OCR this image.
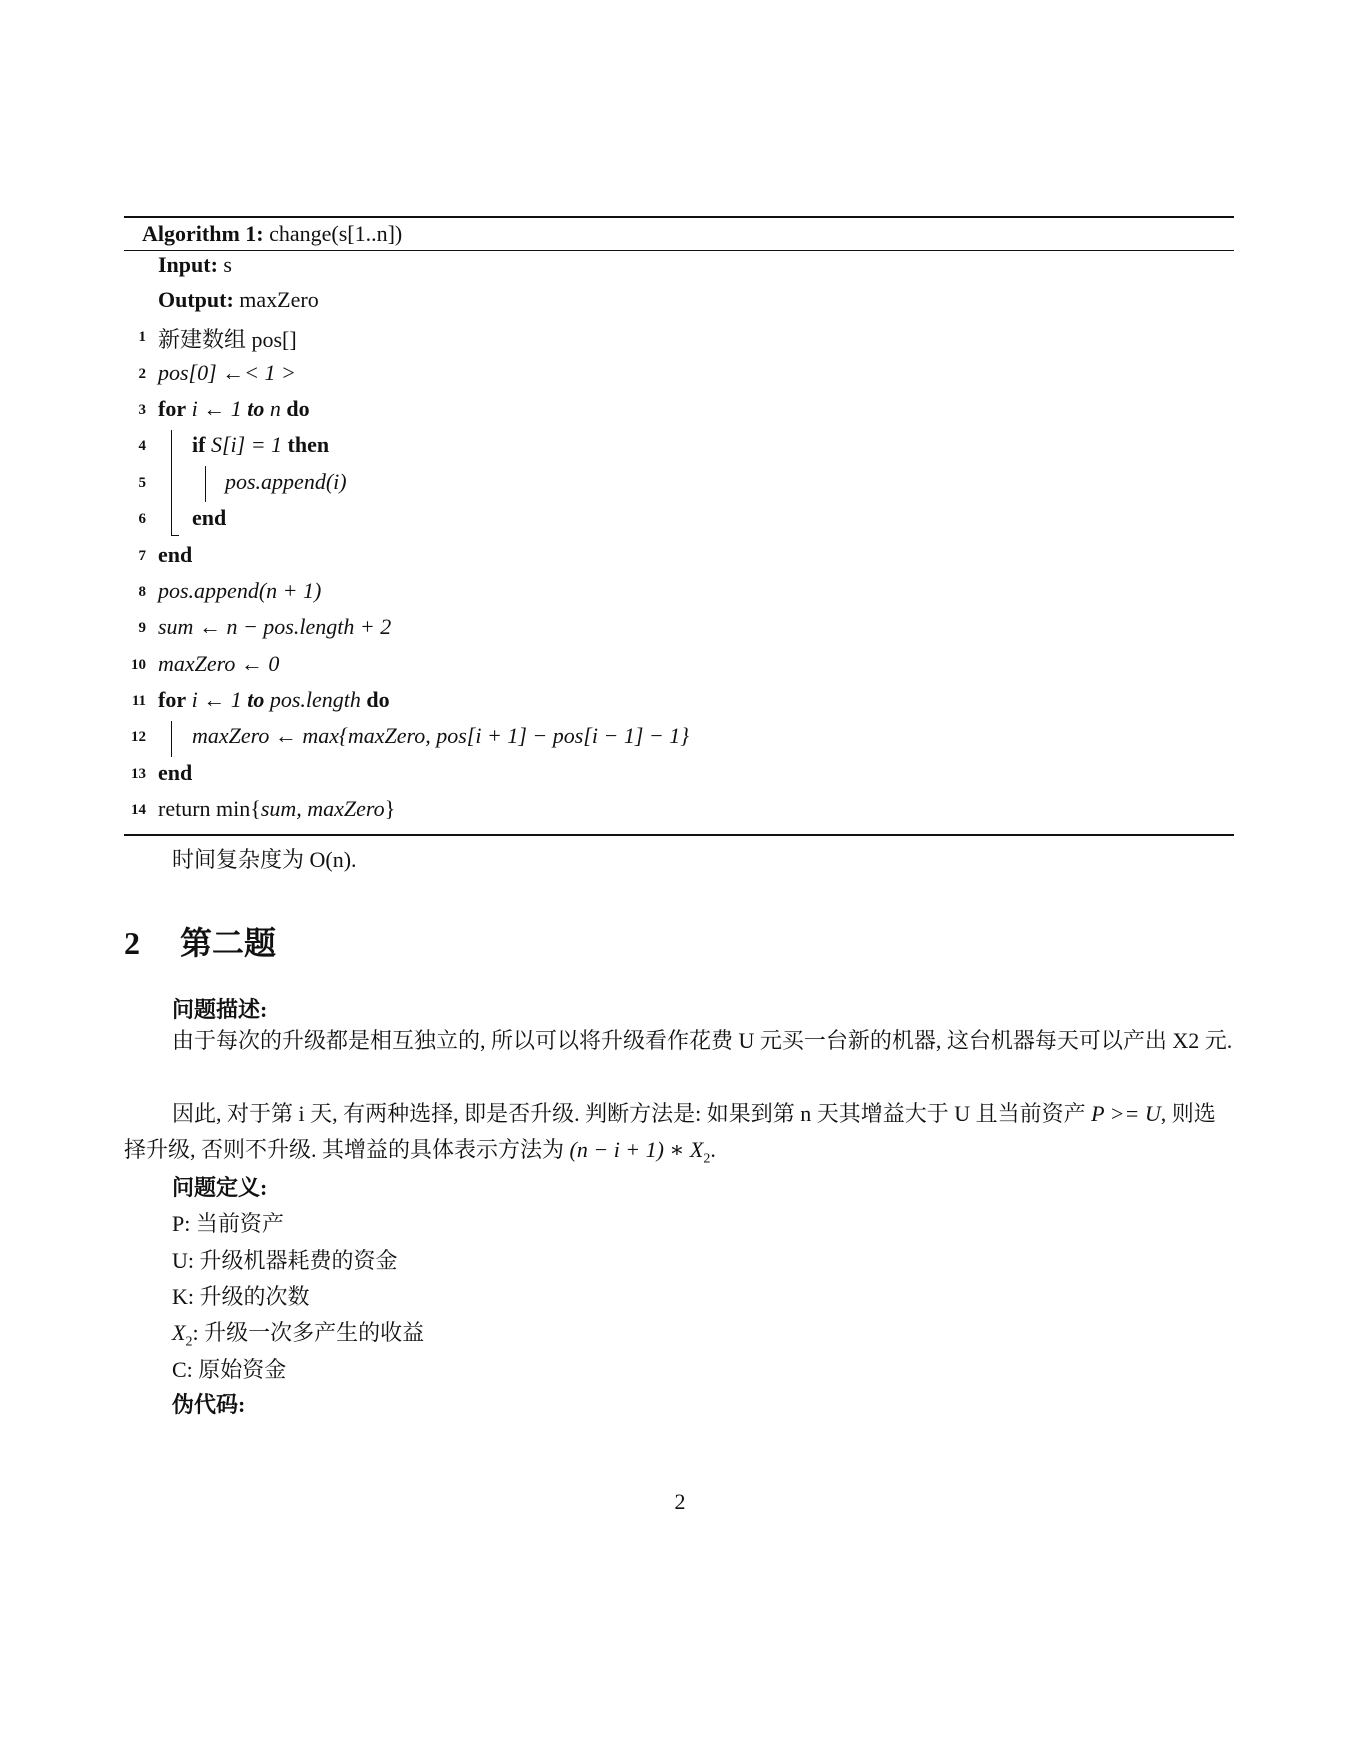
Algorithm 1: change(s[1..n])
Input: s
Output: maxZero
1
2
3
4
5
6
7
8
9
10
11
12
13
14
新建数组 pos[]
pos[0] ←< 1 >
for i ← 1 to n do
if S[i] = 1 then
pos.append(i)
end
end
pos.append(n + 1)
sum ← n − pos.length + 2
maxZero ← 0
for i ← 1 to pos.length do
maxZero ← max{maxZero, pos[i + 1] − pos[i − 1] − 1}
end
return min{sum, maxZero}
时间复杂度为 O(n).
2 第二题
问题描述:
由于每次的升级都是相互独立的, 所以可以将升级看作花费 U 元买一台新的机器, 这台机器每天可以产出 X2 元.
因此, 对于第 i 天, 有两种选择, 即是否升级. 判断方法是: 如果到第 n 天其增益大于 U 且当前资产 P >= U, 则选择升级, 否则不升级. 其增益的具体表示方法为 (n − i + 1) ∗ $X_2$.
问题定义:
P: 当前资产
U: 升级机器耗费的资金
K: 升级的次数
$X_2$: 升级一次多产生的收益
C: 原始资金
伪代码:
2
